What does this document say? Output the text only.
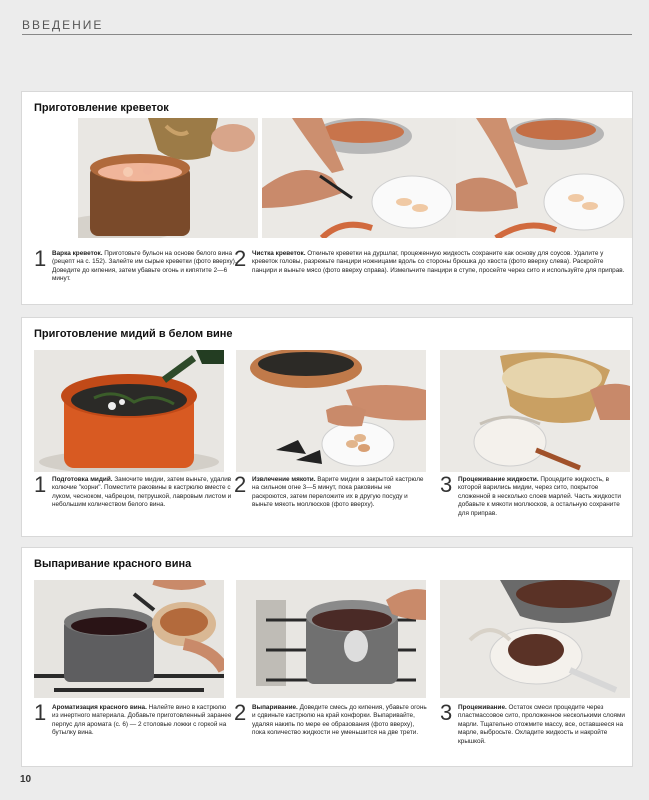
ВВЕДЕНИЕ
Приготовление креветок
1 Варка креветок. Приготовьте бульон на основе белого вина (рецепт на с. 152). Залейте им сырые креветки (фото вверху). Доведите до кипения, затем убавьте огонь и кипятите 2—6 минут.
2 Чистка креветок. Откиньте креветки на дуршлаг, процеженную жидкость сохраните как основу для соусов. Удалите у креветок головы, разрежьте панцири ножницами вдоль со стороны брюшка до хвоста (фото вверху слева). Раскройте панцири и выньте мясо (фото вверху справа). Измельчите панцири в ступе, просейте через сито и используйте для приправ.
Приготовление мидий в белом вине
1 Подготовка мидий. Замочите мидии, затем выньте, удалив колючие "корни". Поместите раковины в кастрюлю вместе с луком, чесноком, чабрецом, петрушкой, лавровым листом и небольшим количеством белого вина.
2 Извлечение мякоти. Варите мидии в закрытой кастрюле на сильном огне 3—5 минут, пока раковины не раскроются, затем переложите их в другую посуду и выньте мякоть моллюсков (фото вверху).
3 Процеживание жидкости. Процедите жидкость, в которой варились мидии, через сито, покрытое сложенной в несколько слоев марлей. Часть жидкости добавьте к мякоти моллюсков, а остальную сохраните для приправ.
Выпаривание красного вина
1 Ароматизация красного вина. Налейте вино в кастрюлю из инертного материала. Добавьте приготовленный заранее перпус для аромата (с. 6) — 2 столовые ложки с горкой на бутылку вина.
2 Выпаривание. Доведите смесь до кипения, убавьте огонь и сдвиньте кастрюлю на край конфорки. Выпаривайте, удаляя накипь по мере ее образования (фото вверху), пока количество жидкости не уменьшится на две трети.
3 Процеживание. Остаток смеси процедите через пластмассовое сито, проложенное несколькими слоями марли. Тщательно отожмите массу, все, оставшееся на марле, выбросьте. Охладите жидкость и накройте крышкой.
10
